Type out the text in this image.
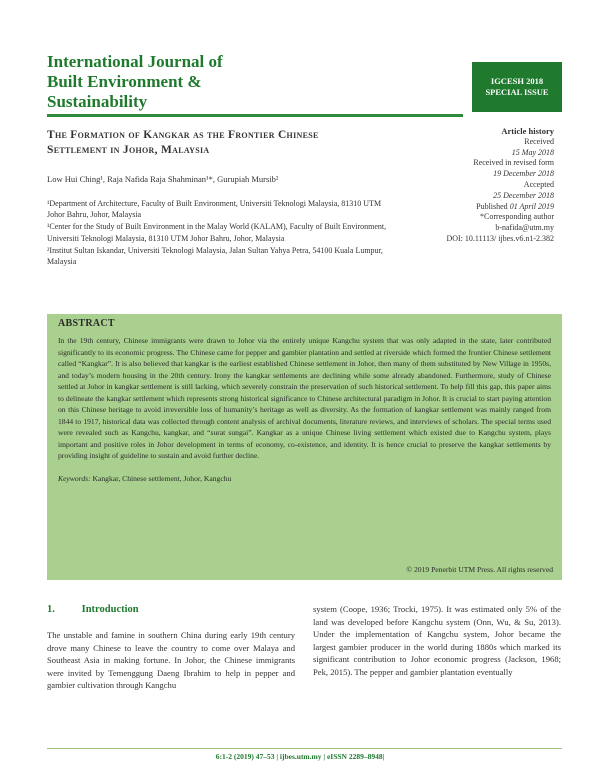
International Journal of
Built Environment &
Sustainability
IGCESH 2018
SPECIAL ISSUE
The Formation of Kangkar as the Frontier Chinese
Settlement in Johor, Malaysia
Low Hui Ching¹, Raja Nafida Raja Shahminan¹*, Gurupiah Mursib²

¹Department of Architecture, Faculty of Built Environment, Universiti Teknologi Malaysia, 81310 UTM Johor Bahru, Johor, Malaysia

¹Center for the Study of Built Environment in the Malay World (KALAM), Faculty of Built Environment, Universiti Teknologi Malaysia, 81310 UTM Johor Bahru, Johor, Malaysia

²Institut Sultan Iskandar, Universiti Teknologi Malaysia, Jalan Sultan Yahya Petra, 54100 Kuala Lumpur, Malaysia

Article history
Received
15 May 2018
Received in revised form
19 December 2018
Accepted
25 December 2018
Published 01 April 2019
*Corresponding author
b-nafida@utm.my
DOI: 10.11113/ ijbes.v6.n1-2.382
ABSTRACT
In the 19th century, Chinese immigrants were drawn to Johor via the entirely unique Kangchu system that was only adapted in the state, later contributed significantly to its economic progress. The Chinese came for pepper and gambier plantation and settled at riverside which formed the frontier Chinese settlement called “Kangkar”. It is also believed that kangkar is the earliest established Chinese settlement in Johor, then many of them substituted by New Village in 1950s, and today’s modern housing in the 20th century. Irony the kangkar settlements are declining while some already abandoned. Furthermore, study of Chinese settled at Johor in kangkar settlement is still lacking, which severely constrain the preservation of such historical settlement. To help fill this gap, this paper aims to delineate the kangkar settlement which represents strong historical significance to Chinese architectural paradigm in Johor. It is crucial to start paying attention on this Chinese heritage to avoid irreversible loss of humanity’s heritage as well as diversity. As the formation of kangkar settlement was mainly ranged from 1844 to 1917, historical data was collected through content analysis of archival documents, literature reviews, and interviews of scholars. The special terms used were revealed such as Kangchu, kangkar, and “surat sungai”. Kangkar as a unique Chinese living settlement which existed due to Kangchu system, plays important and positive roles in Johor development in terms of economy, co-existence, and identity. It is hence crucial to preserve the kangkar settlements by providing insight of guideline to sustain and avoid further decline.
Keywords: Kangkar, Chinese settlement, Johor, Kangchu
© 2019 Penerbit UTM Press. All rights reserved
1.	Introduction
The unstable and famine in southern China during early 19th century drove many Chinese to leave the country to come over Malaya and Southeast Asia in making fortune. In Johor, the Chinese immigrants were invited by Temenggung Daeng Ibrahim to help in pepper and gambier cultivation through Kangchu
system (Coope, 1936; Trocki, 1975). It was estimated only 5% of the land was developed before Kangchu system (Onn, Wu, & Su, 2013). Under the implementation of Kangchu system, Johor became the largest gambier producer in the world during 1880s which marked its significant contribution to Johor economic progress (Jackson, 1968; Pek, 2015). The pepper and gambier plantation eventually
6:1-2 (2019) 47–53 | ijbes.utm.my | eISSN 2289–8948|
